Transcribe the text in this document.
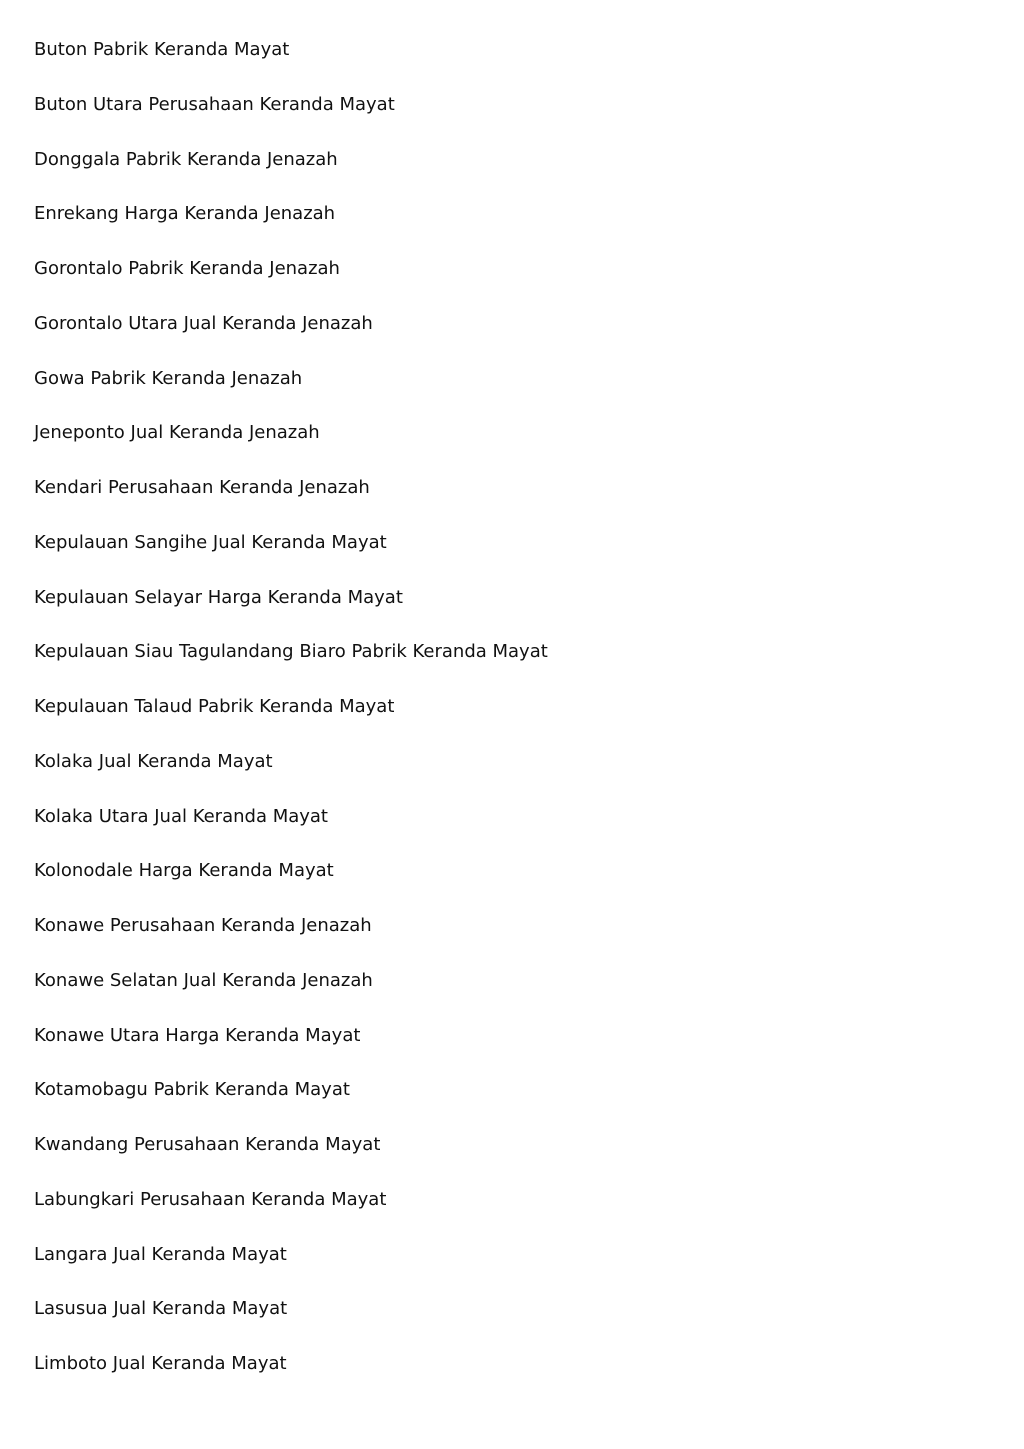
Buton Pabrik Keranda Mayat
Buton Utara Perusahaan Keranda Mayat
Donggala Pabrik Keranda Jenazah
Enrekang Harga Keranda Jenazah
Gorontalo Pabrik Keranda Jenazah
Gorontalo Utara Jual Keranda Jenazah
Gowa Pabrik Keranda Jenazah
Jeneponto Jual Keranda Jenazah
Kendari Perusahaan Keranda Jenazah
Kepulauan Sangihe Jual Keranda Mayat
Kepulauan Selayar Harga Keranda Mayat
Kepulauan Siau Tagulandang Biaro Pabrik Keranda Mayat
Kepulauan Talaud Pabrik Keranda Mayat
Kolaka Jual Keranda Mayat
Kolaka Utara Jual Keranda Mayat
Kolonodale Harga Keranda Mayat
Konawe Perusahaan Keranda Jenazah
Konawe Selatan Jual Keranda Jenazah
Konawe Utara Harga Keranda Mayat
Kotamobagu Pabrik Keranda Mayat
Kwandang Perusahaan Keranda Mayat
Labungkari Perusahaan Keranda Mayat
Langara Jual Keranda Mayat
Lasusua Jual Keranda Mayat
Limboto Jual Keranda Mayat
